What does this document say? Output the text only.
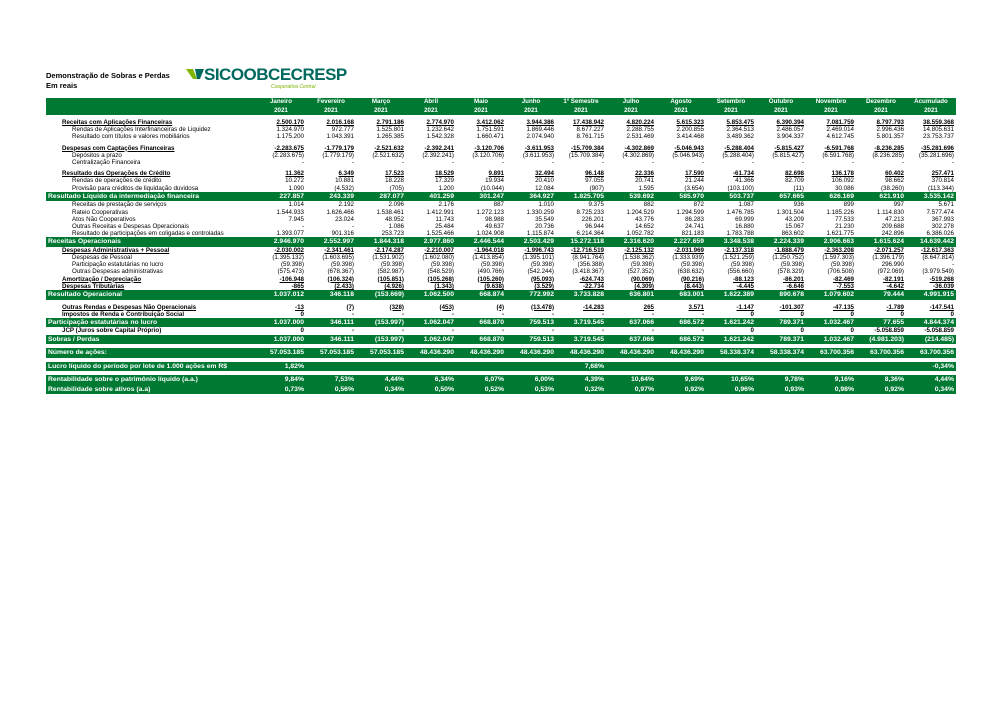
Demonstração de Sobras e Perdas
Em reais
SICOOBCECRESP
Cooperativa Central
	Janeiro	Fevereiro	Março	Abril	Maio	Junho	1º Semestre	Julho	Agosto	Setembro	Outubro	Novembro	Dezembro	Acumulado
	2021	2021	2021	2021	2021	2021	2021	2021	2021	2021	2021	2021	2021	2021

Receitas com Aplicações Financeiras	2.500.170	2.016.168	2.791.186	2.774.970	3.412.062	3.944.386	17.438.942	4.820.224	5.615.323	5.853.475	6.390.394	7.081.759	8.797.793	38.559.368
Rendas de Aplicações Interfinanceiras de Liquidez	1.324.970	972.777	1.525.801	1.232.642	1.751.591	1.869.446	8.677.227	2.288.755	2.200.855	2.364.513	2.486.057	2.469.014	2.996.436	14.805.631
Resultado com títulos e valores mobiliários	1.175.200	1.043.391	1.265.385	1.542.328	1.660.471	2.074.940	8.761.715	2.531.469	3.414.468	3.489.362	3.904.337	4.612.745	5.801.357	23.753.737

Despesas com Captações Financeiras	-2.283.675	-1.779.179	-2.521.632	-2.392.241	-3.120.706	-3.611.953	-15.709.384	-4.302.869	-5.046.943	-5.288.404	-5.815.427	-6.591.768	-8.236.285	-35.281.696
Depósitos a prazo	(2.283.675)	(1.779.179)	(2.521.632)	(2.392.241)	(3.120.706)	(3.611.953)	(15.709.384)	(4.302.869)	(5.046.943)	(5.288.404)	(5.815.427)	(6.591.768)	(8.236.285)	(35.281.696)
Centralização Financeira	-	-	-	-	-	-	-	-	-	-	-	-	-	-

Resultado das Operações de Crédito	11.362	6.349	17.523	18.529	9.891	32.494	96.148	22.336	17.590	-61.734	82.698	136.178	60.402	257.471
Rendas de operações de crédito	10.272	10.881	18.228	17.329	19.934	20.410	97.055	20.741	21.244	41.366	82.709	106.092	98.662	370.814
Provisão para créditos de liquidação duvidosa	1.090	(4.532)	(705)	1.200	(10.044)	12.084	(907)	1.595	(3.654)	(103.100)	(11)	30.086	(38.260)	(113.344)
Resultado Líquido da intermediação financeira	227.857	243.339	287.077	401.259	301.247	364.927	1.825.705	539.692	585.970	503.737	657.665	626.169	621.910	3.535.142
Receitas de prestação de serviços	1.014	2.192	2.096	2.176	887	1.010	9.375	882	872	1.087	936	899	997	5.671
Rateio Cooperativas	1.544.933	1.626.466	1.538.461	1.412.991	1.272.123	1.330.259	8.725.233	1.204.529	1.294.599	1.476.785	1.301.504	1.185.226	1.114.830	7.577.474
Atos Não Cooperativos	7.945	23.024	48.952	11.743	98.988	35.549	226.201	43.776	86.283	69.999	43.209	77.533	47.213	367.993
Outras Receitas e Despesas Operacionais	-	-	1.086	25.484	49.637	20.736	96.944	14.652	24.741	16.880	15.067	21.230	209.688	302.278
Resultado de participações em coligadas e controladas	1.393.077	901.316	253.723	1.525.466	1.024.908	1.115.874	6.214.364	1.052.782	821.183	1.783.788	863.602	1.621.775	242.896	6.386.026
Receitas Operacionais	2.946.970	2.552.997	1.844.318	2.977.860	2.446.544	2.503.429	15.272.118	2.316.620	2.227.659	3.348.538	2.224.339	2.906.663	1.615.624	14.639.442
Despesas Administrativas + Pessoal	-2.030.002	-2.341.461	-2.174.287	-2.210.007	-1.964.018	-1.996.743	-12.716.519	-2.125.132	-2.031.969	-2.137.318	-1.888.479	-2.363.208	-2.071.257	-12.617.363
Despesas de Pessoal	(1.395.132)	(1.603.695)	(1.531.902)	(1.602.080)	(1.413.854)	(1.395.101)	(8.941.764)	(1.538.362)	(1.333.939)	(1.521.259)	(1.250.752)	(1.597.303)	(1.396.179)	(8.647.814)
Participação estatutárias no lucro	(59.398)	(59.398)	(59.398)	(59.398)	(59.398)	(59.398)	(356.388)	(59.398)	(59.398)	(59.398)	(59.398)	(59.398)	296.990	-
Outras Despesas administrativas	(575.473)	(678.367)	(582.987)	(548.529)	(490.766)	(542.244)	(3.418.367)	(527.352)	(638.632)	(556.660)	(578.329)	(706.508)	(972.069)	(3.979.549)
Amortização / Depreciação	-106.948	(106.324)	(105.851)	(105.268)	(105.260)	(95.093)	-624.743	(90.069)	(90.216)	-88.123	-86.201	-82.469	-82.191	-519.268
Despesas Tributárias	-865	(2.433)	(4.926)	(1.343)	(9.638)	(3.529)	-22.734	(4.309)	(8.443)	-4.445	-6.646	-7.553	-4.642	-36.039
Resultado Operacional	1.037.012	346.118	(153.669)	1.062.500	668.874	772.992	3.733.828	636.801	683.001	1.622.389	890.678	1.079.602	79.444	4.991.915

Outras Rendas e Despesas Não Operacionais	-13	(7)	(328)	(453)	(4)	(13.478)	-14.283	265	3.571	-1.147	-101.307	-47.135	-1.789	-147.541
Impostos de Renda e Contribuição Social	0	-	-	-	-	-	-	-	-	0	0	0	0	0
Participação estatutárias no lucro	1.037.000	346.111	(153.997)	1.062.047	668.870	759.513	3.719.545	637.066	686.572	1.621.242	789.371	1.032.467	77.655	4.844.374
JCP (Juros sobre Capital Próprio)	0	-	-	-	-	-	-	-	-	0	0	0	-5.058.859	-5.058.859
Sobras / Perdas	1.037.000	346.111	(153.997)	1.062.047	668.870	759.513	3.719.545	637.066	686.572	1.621.242	789.371	1.032.467	(4.981.203)	(214.485)

Número de ações:	57.053.185	57.053.185	57.053.185	48.436.290	48.436.290	48.436.290	48.436.290	48.436.290	48.436.290	58.338.374	58.338.374	63.700.356	63.700.356	63.700.356

Lucro líquido do período por lote de 1.000 ações em R$	1,82%						7,68%							-0,34%

Rentabilidade sobre o patrimônio líquido (a.a.)	9,84%	7,53%	4,44%	6,34%	6,07%	6,00%	4,39%	10,64%	9,69%	10,65%	9,78%	9,16%	8,36%	4,44%
Rentabilidade sobre ativos (a.a)	0,73%	0,56%	0,34%	0,50%	0,52%	0,53%	0,32%	0,97%	0,92%	0,96%	0,93%	0,98%	0,92%	0,34%
